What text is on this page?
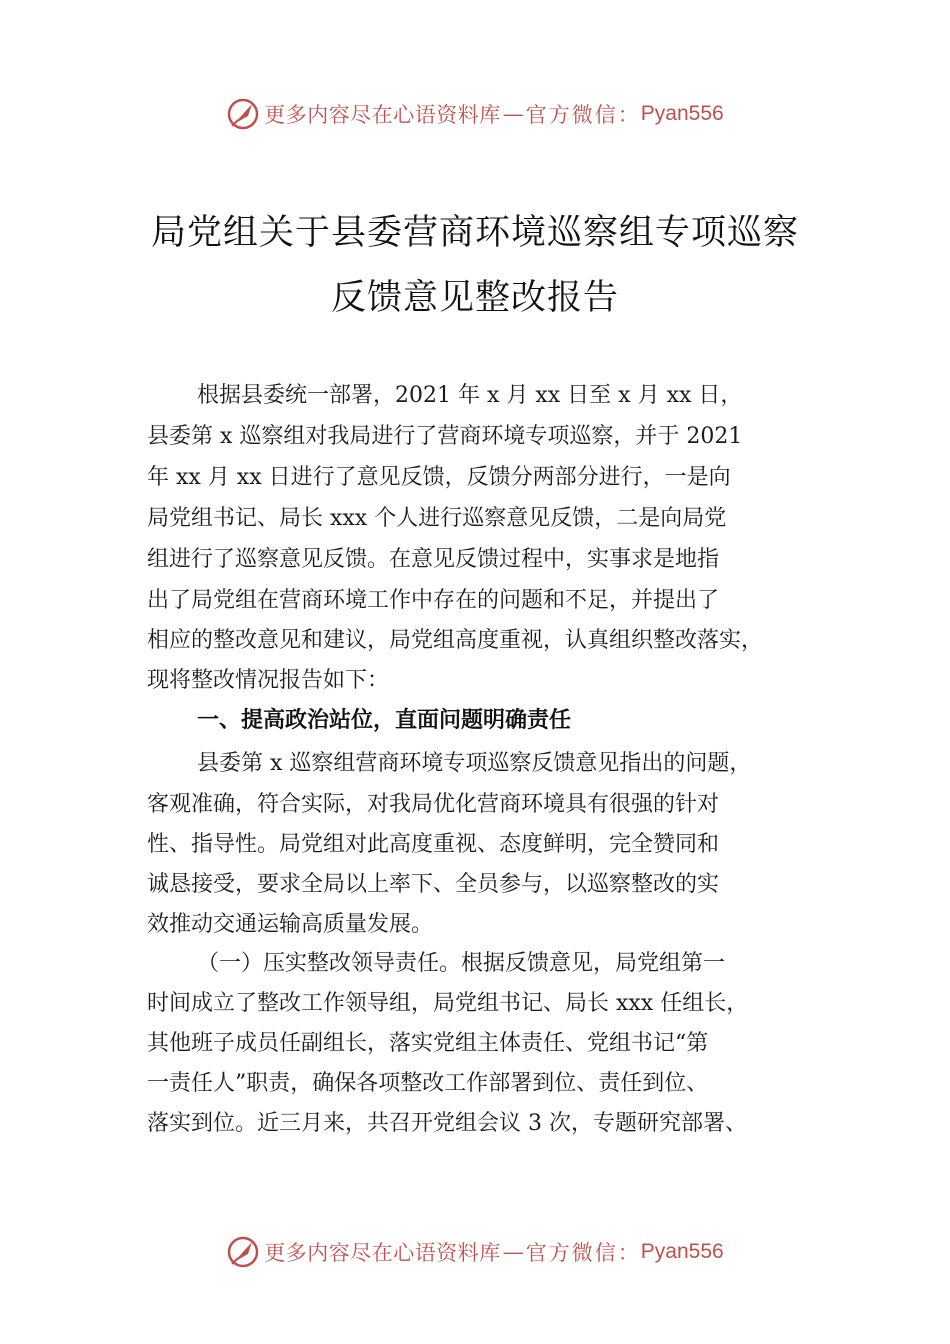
更多内容尽在心语资料库 — 官方微信： Pyan556
局党组关于县委营商环境巡察组专项巡察
反馈意见整改报告
根据县委统一部署，2021 年 x 月 xx 日至 x 月 xx 日，
县委第 x 巡察组对我局进行了营商环境专项巡察，并于 2021
年 xx 月 xx 日进行了意见反馈，反馈分两部分进行，一是向
局党组书记、局长 xxx 个人进行巡察意见反馈，二是向局党
组进行了巡察意见反馈。在意见反馈过程中，实事求是地指
出了局党组在营商环境工作中存在的问题和不足，并提出了
相应的整改意见和建议，局党组高度重视，认真组织整改落实，
现将整改情况报告如下：
一、提高政治站位，直面问题明确责任
县委第 x 巡察组营商环境专项巡察反馈意见指出的问题，
客观准确，符合实际，对我局优化营商环境具有很强的针对
性、指导性。局党组对此高度重视、态度鲜明，完全赞同和
诚恳接受，要求全局以上率下、全员参与，以巡察整改的实
效推动交通运输高质量发展。
（一）压实整改领导责任。根据反馈意见，局党组第一
时间成立了整改工作领导组，局党组书记、局长 xxx 任组长，
其他班子成员任副组长，落实党组主体责任、党组书记“第
一责任人”职责，确保各项整改工作部署到位、责任到位、
落实到位。近三月来，共召开党组会议 3 次，专题研究部署、
更多内容尽在心语资料库 — 官方微信： Pyan556
